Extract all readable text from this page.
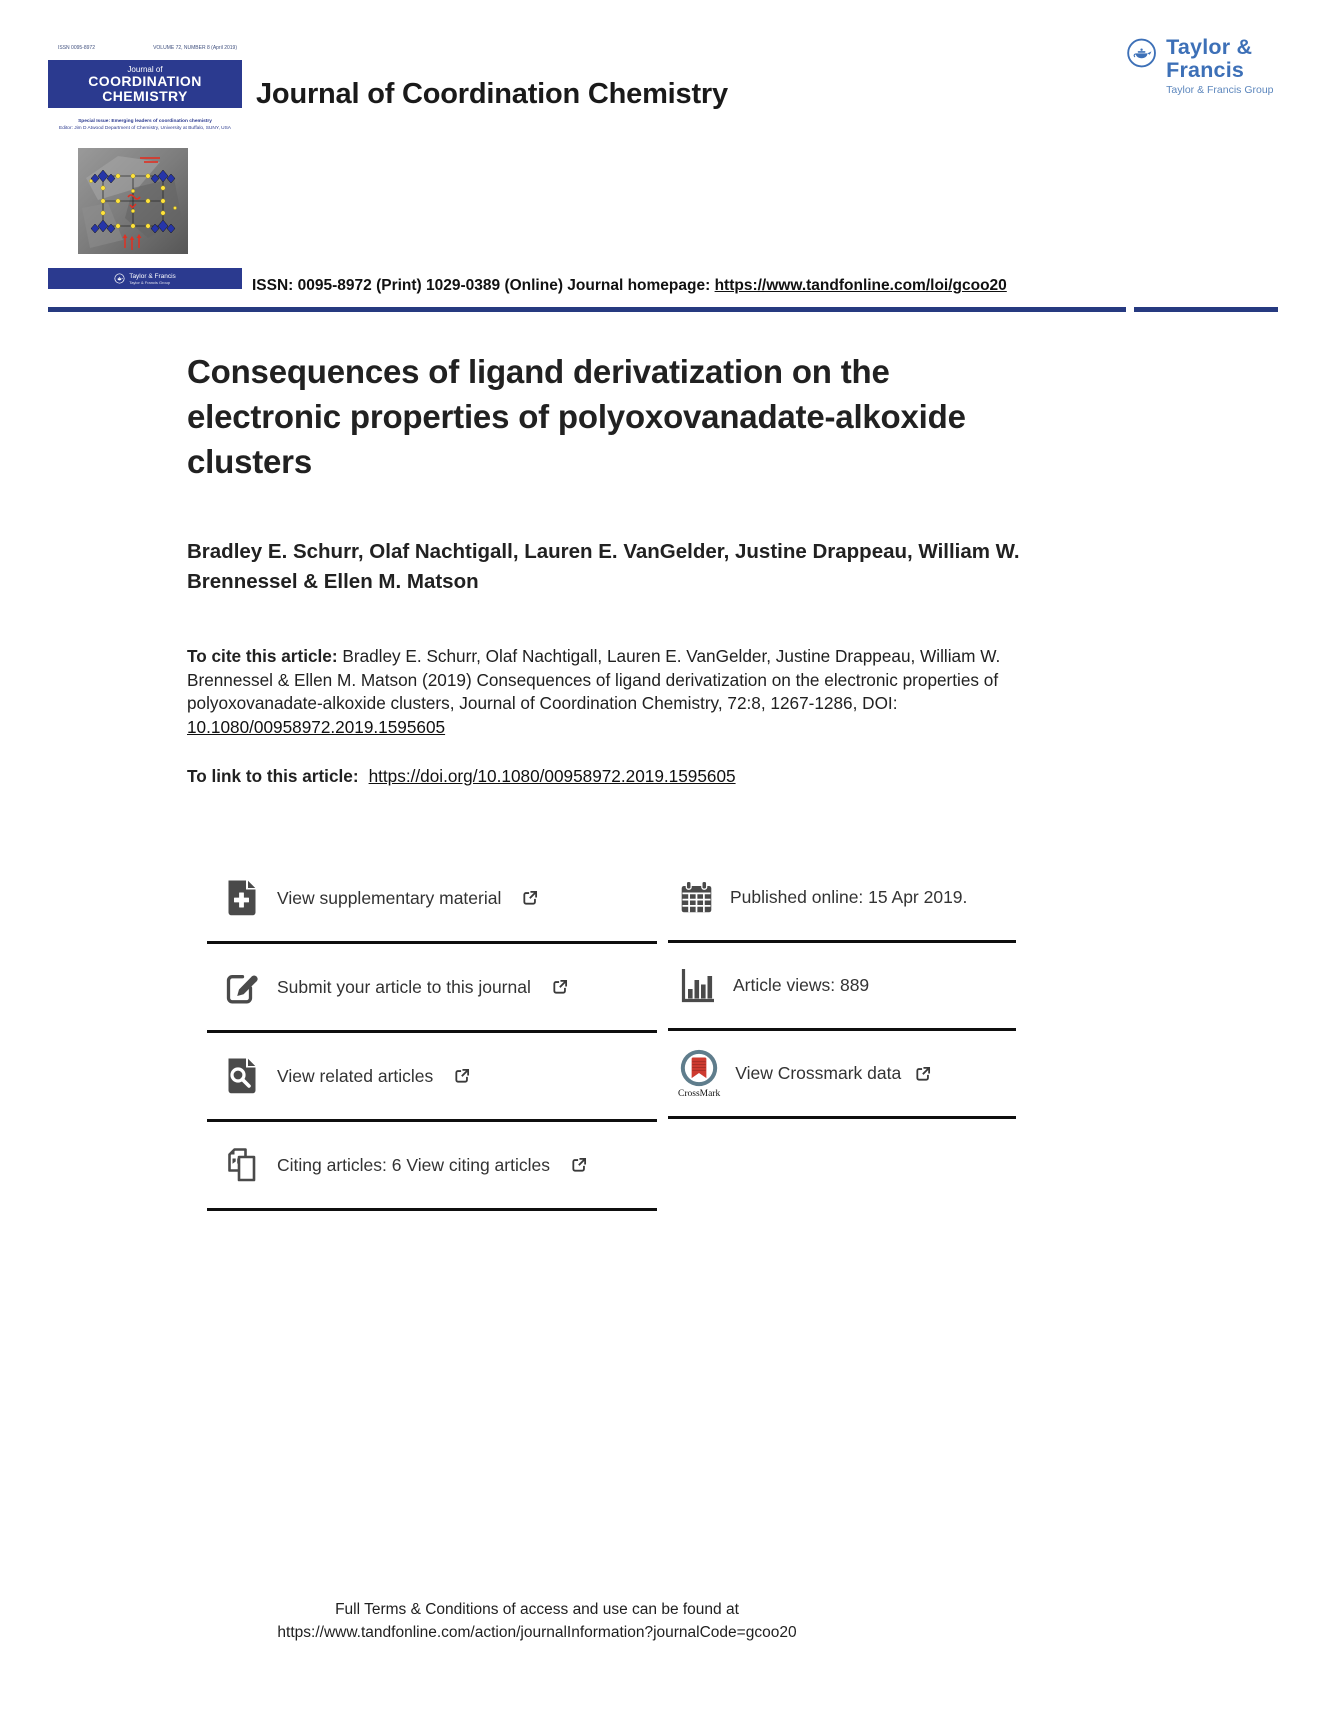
ISSN 0095-8972	VOLUME 72, NUMBER 8 (April 2019)
Journal of
COORDINATION
CHEMISTRY
Special Issue: Emerging leaders of coordination chemistry
Editor: Jim D Atwood Department of Chemistry, University at Buffalo, SUNY, USA
Taylor & Francis
Taylor & Francis Group
Taylor & Francis
Taylor & Francis Group
Journal of Coordination Chemistry

ISSN: 0095-8972 (Print) 1029-0389 (Online) Journal homepage: https://www.tandfonline.com/loi/gcoo20

Consequences of ligand derivatization on the electronic properties of polyoxovanadate-alkoxide clusters
Bradley E. Schurr, Olaf Nachtigall, Lauren E. VanGelder, Justine Drappeau, William W. Brennessel & Ellen M. Matson

To cite this article: Bradley E. Schurr, Olaf Nachtigall, Lauren E. VanGelder, Justine Drappeau, William W. Brennessel & Ellen M. Matson (2019) Consequences of ligand derivatization on the electronic properties of polyoxovanadate-alkoxide clusters, Journal of Coordination Chemistry, 72:8, 1267-1286, DOI: 10.1080/00958972.2019.1595605

To link to this article: https://doi.org/10.1080/00958972.2019.1595605

View supplementary material
Submit your article to this journal
View related articles
Citing articles: 6 View citing articles
Published online: 15 Apr 2019.
Article views: 889
CrossMark
View Crossmark data
Full Terms & Conditions of access and use can be found at
https://www.tandfonline.com/action/journalInformation?journalCode=gcoo20
